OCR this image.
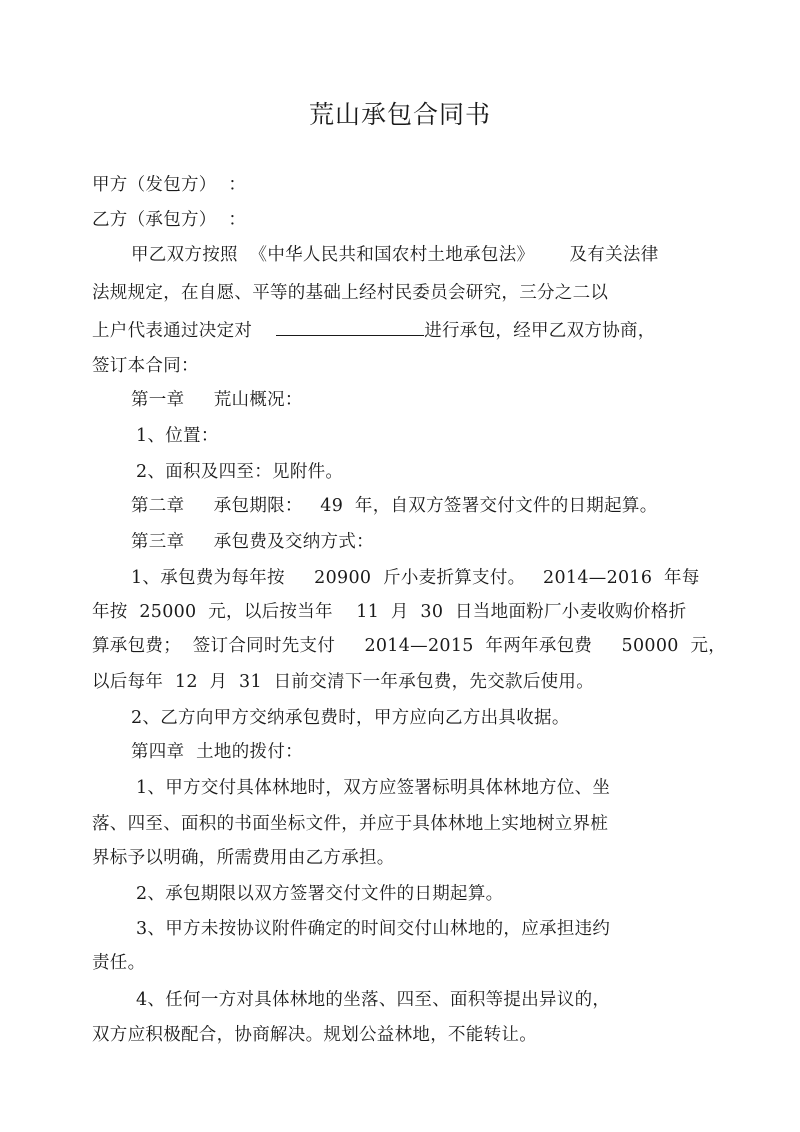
荒山承包合同书
甲方（发包方）  ：
乙方（承包方）  ：
甲乙双方按照  《中华人民共和国农村土地承包法》      及有关法律
法规规定，在自愿、平等的基础上经村民委员会研究，三分之二以
上户代表通过决定对	进行承包，经甲乙双方协商，
签订本合同：
第一章     荒山概况：
1、位置：
2、面积及四至：见附件。
第二章     承包期限：   49  年，自双方签署交付文件的日期起算。
第三章     承包费及交纳方式：
1、承包费为每年按     20900  斤小麦折算支付。   2014—2016  年每
年按  25000  元，以后按当年    11  月  30  日当地面粉厂小麦收购价格折
算承包费；  签订合同时先支付     2014—2015  年两年承包费     50000  元，
以后每年  12  月  31  日前交清下一年承包费，先交款后使用。
2、乙方向甲方交纳承包费时，甲方应向乙方出具收据。
第四章  土地的拨付：
1、甲方交付具体林地时，双方应签署标明具体林地方位、坐
落、四至、面积的书面坐标文件，并应于具体林地上实地树立界桩
界标予以明确，所需费用由乙方承担。
2、承包期限以双方签署交付文件的日期起算。
3、甲方未按协议附件确定的时间交付山林地的，应承担违约
责任。
4、任何一方对具体林地的坐落、四至、面积等提出异议的，
双方应积极配合，协商解决。规划公益林地，不能转让。
